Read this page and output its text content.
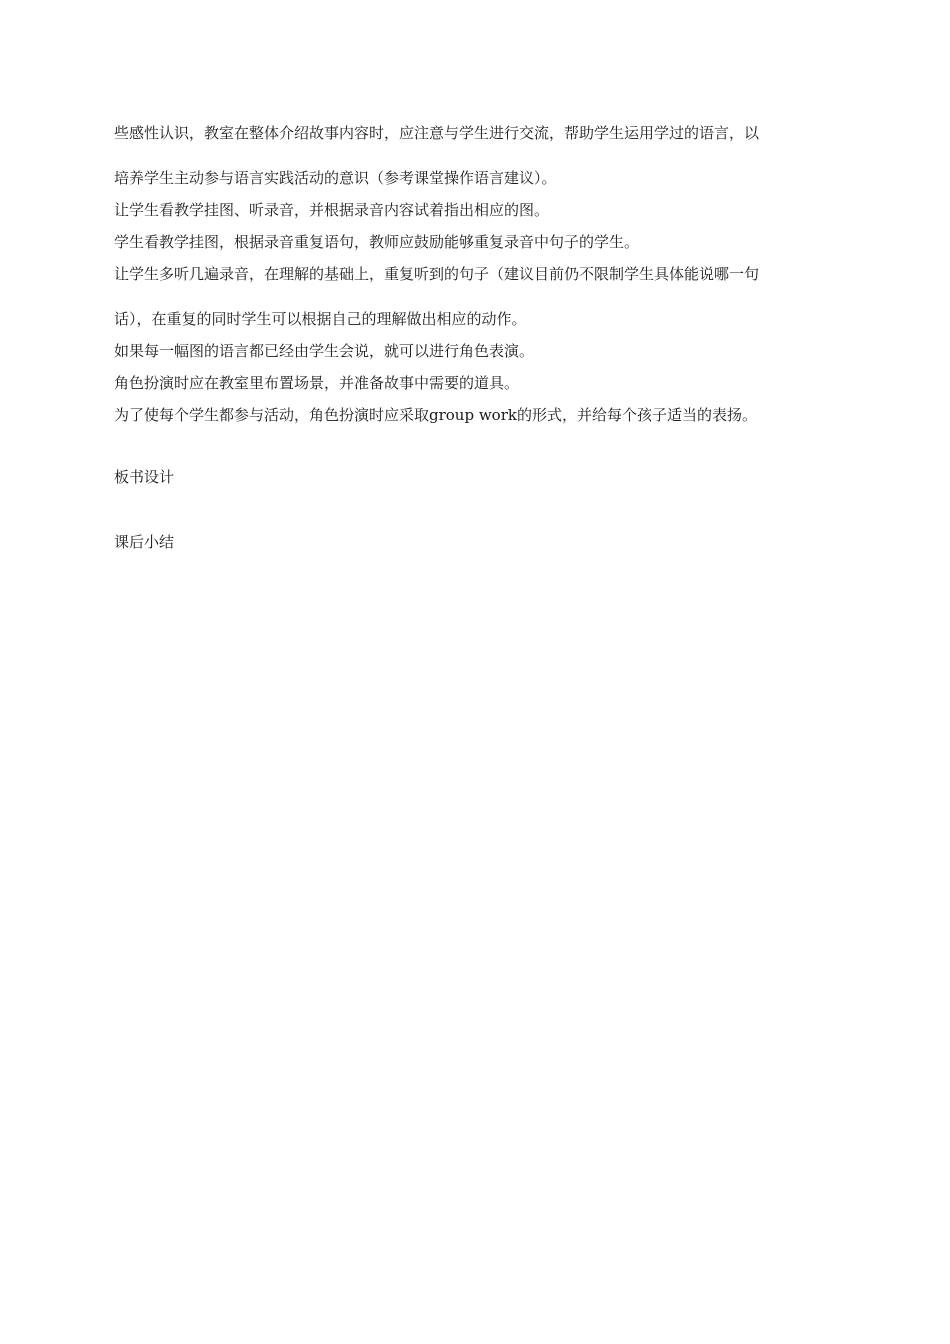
些感性认识，教室在整体介绍故事内容时，应注意与学生进行交流，帮助学生运用学过的语言，以

培养学生主动参与语言实践活动的意识（参考课堂操作语言建议）。

让学生看教学挂图、听录音，并根据录音内容试着指出相应的图。

学生看教学挂图，根据录音重复语句，教师应鼓励能够重复录音中句子的学生。

让学生多听几遍录音，在理解的基础上，重复听到的句子（建议目前仍不限制学生具体能说哪一句

话），在重复的同时学生可以根据自己的理解做出相应的动作。

如果每一幅图的语言都已经由学生会说，就可以进行角色表演。

角色扮演时应在教室里布置场景，并准备故事中需要的道具。

为了使每个学生都参与活动，角色扮演时应采取group work的形式，并给每个孩子适当的表扬。

板书设计

课后小结
